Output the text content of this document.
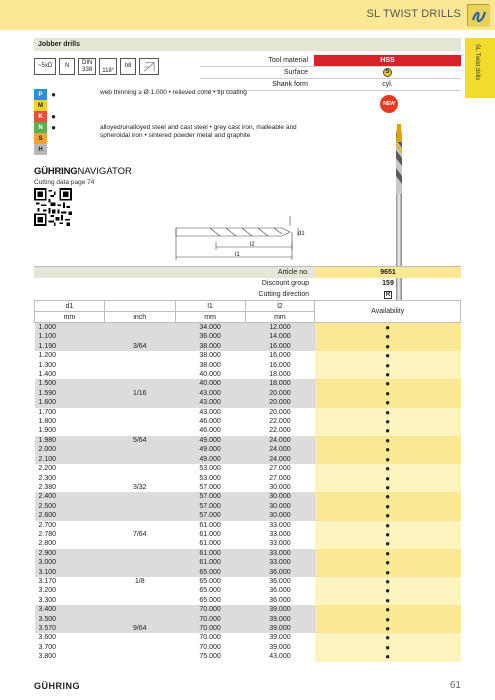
SL TWIST DRILLS
SL Twist drills
Jobber drills
~5xD N
DIN 338 118°
h8
Tool material	HSS
Surface	S
Shank form	cyl.
NEW
P	●
M
K	●
N	●
S
H
web thinning ≥ Ø 1.000 • relieved cone • tip coating
alloyed/unalloyed steel and cast steel • grey cast iron, malleable and spheroidal iron • sintered powder metal and graphite
GÜHRINGNAVIGATOR
Cutting data page 74
l1
l2
d1
Article no.	9651
Discount group	159
Cutting direction	R
d1		l1	l2	Availability
mm	inch	mm	mm	
1.000		34.000	12.000	●
1.100		36.000	14.000	●
1.190	3/64	38.000	16.000	●
1.200		38.000	16.000	●
1.300		38.000	16.000	●
1.400		40.000	18.000	●
1.500		40.000	18.000	●
1.590	1/16	43.000	20.000	●
1.600		43.000	20.000	●
1.700		43.000	20.000	●
1.800		46.000	22.000	●
1.900		46.000	22.000	●
1.980	5/64	49.000	24.000	●
2.000		49.000	24.000	●
2.100		49.000	24.000	●
2.200		53.000	27.000	●
2.300		53.000	27.000	●
2.380	3/32	57.000	30.000	●
2.400		57.000	30.000	●
2.500		57.000	30.000	●
2.600		57.000	30.000	●
2.700		61.000	33.000	●
2.780	7/64	61.000	33.000	●
2.800		61.000	33.000	●
2.900		61.000	33.000	●
3.000		61.000	33.000	●
3.100		65.000	36.000	●
3.170	1/8	65.000	36.000	●
3.200		65.000	36.000	●
3.300		65.000	36.000	●
3.400		70.000	39.000	●
3.500		70.000	39.000	●
3.570	9/64	70.000	39.000	●
3.600		70.000	39.000	●
3.700		70.000	39.000	●
3.800		75.000	43.000	●
GÜHRING	61
